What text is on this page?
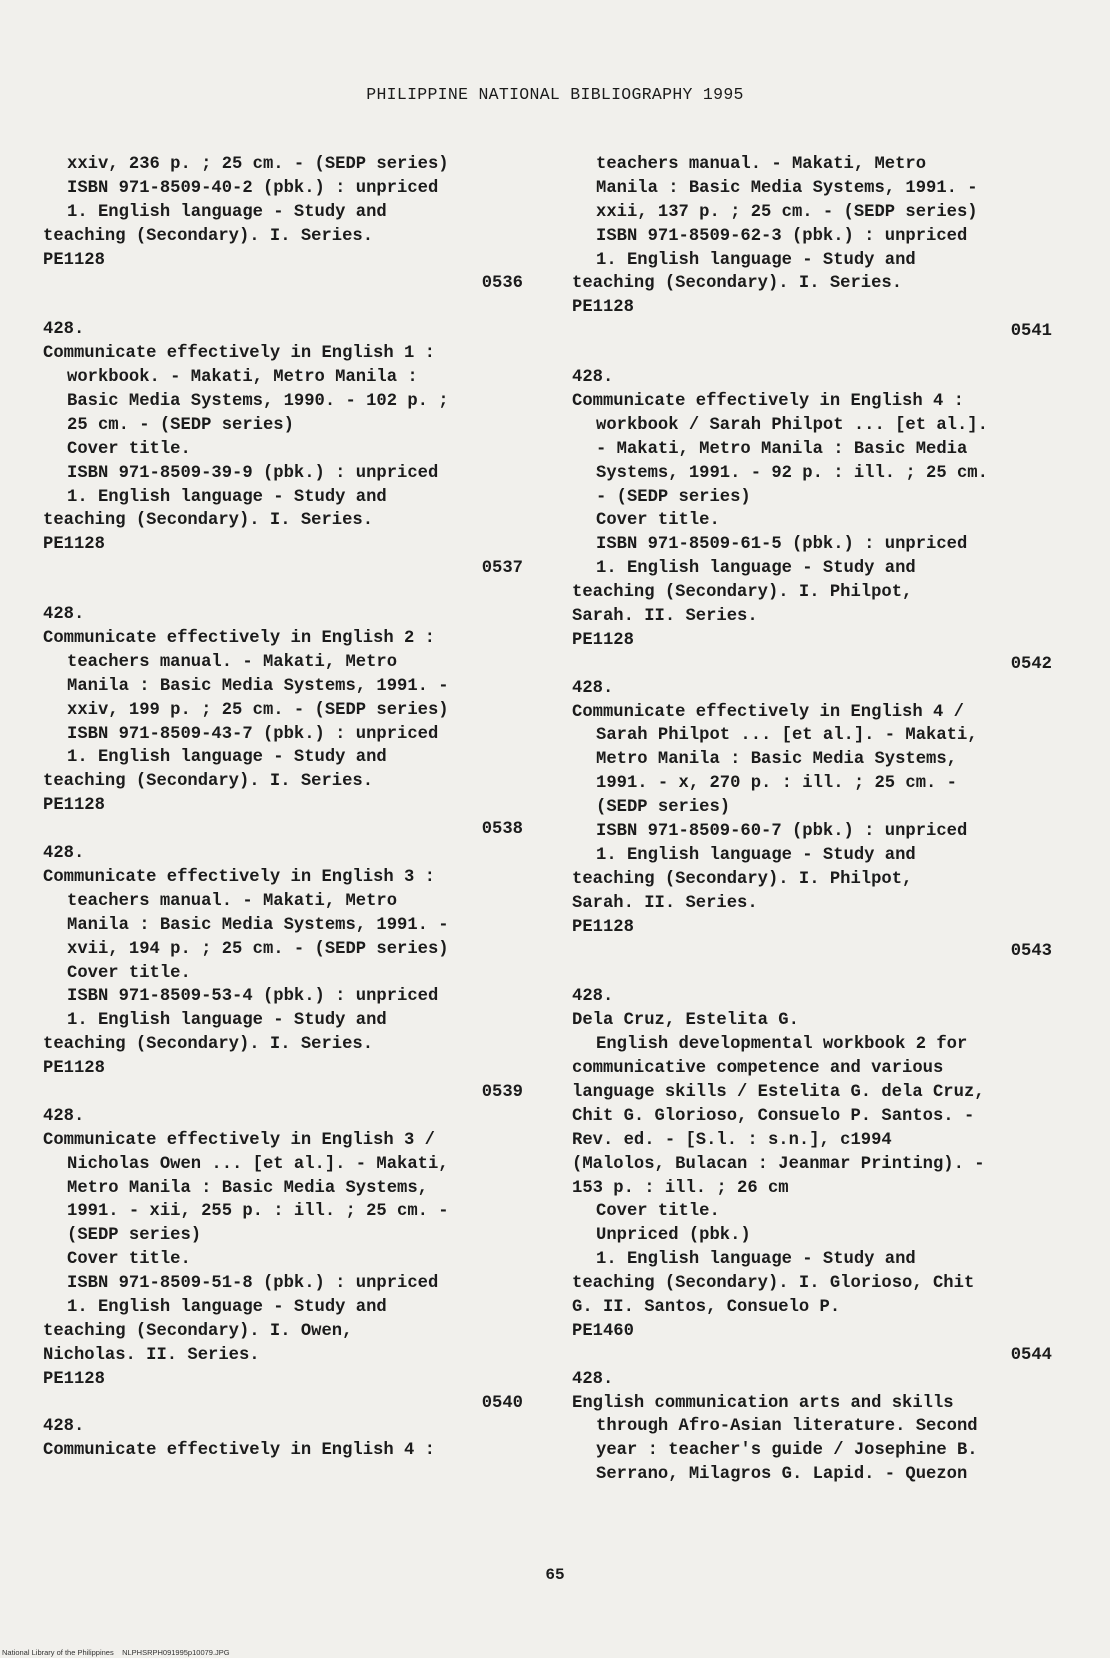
PHILIPPINE NATIONAL BIBLIOGRAPHY 1995
xxiv, 236 p. ; 25 cm. - (SEDP series)
ISBN 971-8509-40-2 (pbk.) : unpriced
1. English language - Study and
teaching (Secondary). I. Series.
PE1128
0536
428.
Communicate effectively in English 1 :
workbook. - Makati, Metro Manila :
Basic Media Systems, 1990. - 102 p. ;
25 cm. - (SEDP series)
Cover title.
ISBN 971-8509-39-9 (pbk.) : unpriced
1. English language - Study and
teaching (Secondary). I. Series.
PE1128
0537
428.
Communicate effectively in English 2 :
teachers manual. - Makati, Metro
Manila : Basic Media Systems, 1991. -
xxiv, 199 p. ; 25 cm. - (SEDP series)
ISBN 971-8509-43-7 (pbk.) : unpriced
1. English language - Study and
teaching (Secondary). I. Series.
PE1128
0538
428.
Communicate effectively in English 3 :
teachers manual. - Makati, Metro
Manila : Basic Media Systems, 1991. -
xvii, 194 p. ; 25 cm. - (SEDP series)
Cover title.
ISBN 971-8509-53-4 (pbk.) : unpriced
1. English language - Study and
teaching (Secondary). I. Series.
PE1128
0539
428.
Communicate effectively in English 3 /
Nicholas Owen ... [et al.]. - Makati,
Metro Manila : Basic Media Systems,
1991. - xii, 255 p. : ill. ; 25 cm. -
(SEDP series)
Cover title.
ISBN 971-8509-51-8 (pbk.) : unpriced
1. English language - Study and
teaching (Secondary). I. Owen,
Nicholas. II. Series.
PE1128
0540
428.
Communicate effectively in English 4 :
teachers manual. - Makati, Metro
Manila : Basic Media Systems, 1991. -
xxii, 137 p. ; 25 cm. - (SEDP series)
ISBN 971-8509-62-3 (pbk.) : unpriced
1. English language - Study and
teaching (Secondary). I. Series.
PE1128
0541
428.
Communicate effectively in English 4 :
workbook / Sarah Philpot ... [et al.].
- Makati, Metro Manila : Basic Media
Systems, 1991. - 92 p. : ill. ; 25 cm.
- (SEDP series)
Cover title.
ISBN 971-8509-61-5 (pbk.) : unpriced
1. English language - Study and
teaching (Secondary). I. Philpot,
Sarah. II. Series.
PE1128
0542
428.
Communicate effectively in English 4 /
Sarah Philpot ... [et al.]. - Makati,
Metro Manila : Basic Media Systems,
1991. - x, 270 p. : ill. ; 25 cm. -
(SEDP series)
ISBN 971-8509-60-7 (pbk.) : unpriced
1. English language - Study and
teaching (Secondary). I. Philpot,
Sarah. II. Series.
PE1128
0543
428.
Dela Cruz, Estelita G.
English developmental workbook 2 for
communicative competence and various
language skills / Estelita G. dela Cruz,
Chit G. Glorioso, Consuelo P. Santos. -
Rev. ed. - [S.l. : s.n.], c1994
(Malolos, Bulacan : Jeanmar Printing). -
153 p. : ill. ; 26 cm
Cover title.
Unpriced (pbk.)
1. English language - Study and
teaching (Secondary). I. Glorioso, Chit
G. II. Santos, Consuelo P.
PE1460
0544
428.
English communication arts and skills
through Afro-Asian literature. Second
year : teacher's guide / Josephine B.
Serrano, Milagros G. Lapid. - Quezon
65
National Library of the Philippines    NLPHSRPH091995p10079.JPG
